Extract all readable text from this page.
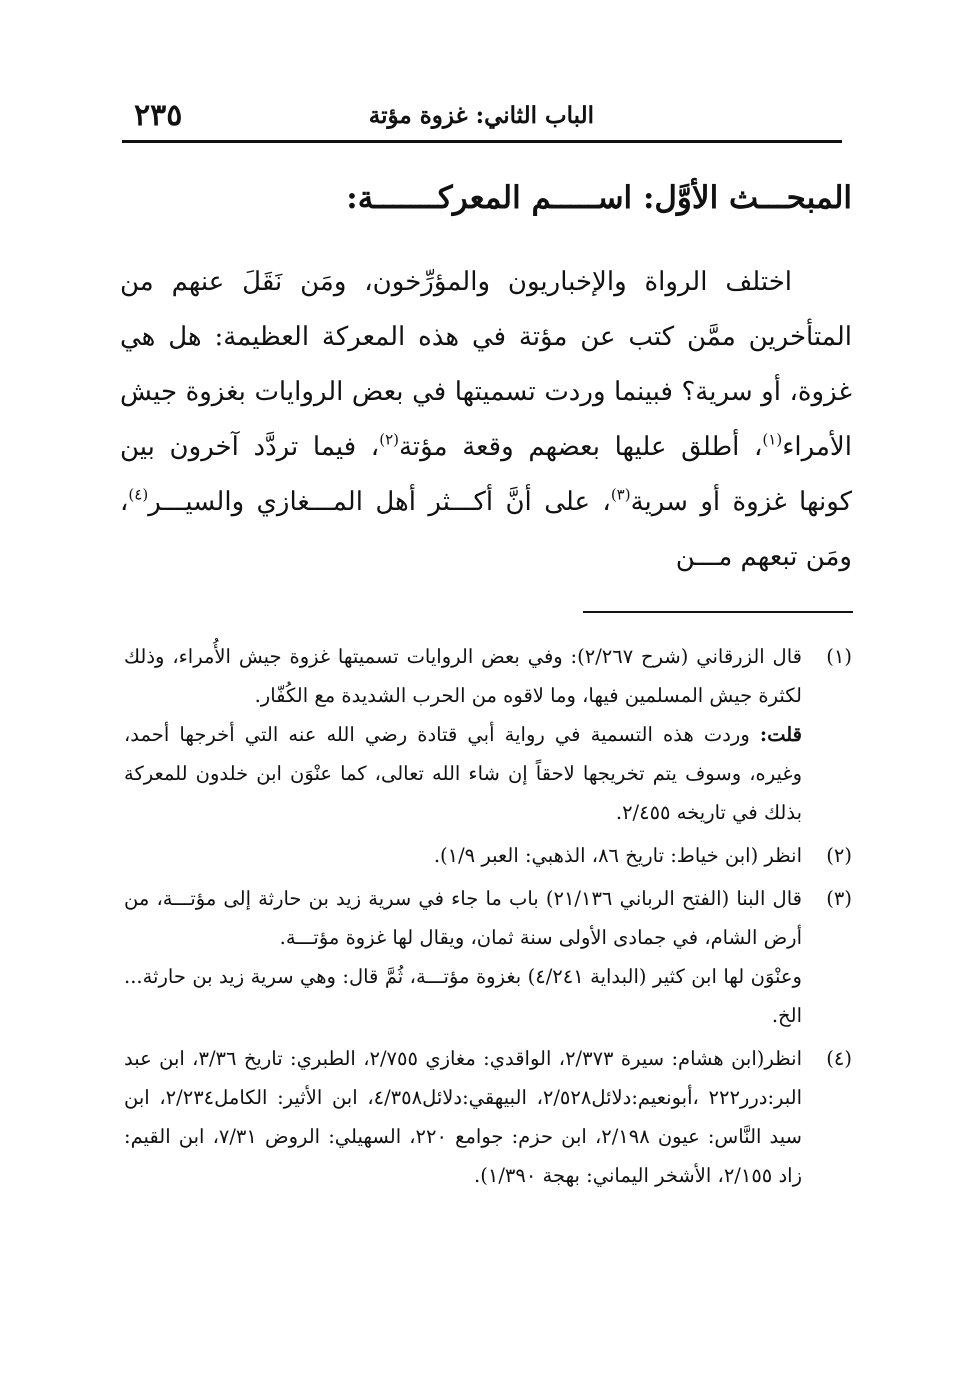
الباب الثاني: غزوة مؤتة
٢٣٥
المبحـــث الأوَّل: اســـــم المعركـــــــة:

اختلف الرواة والإخباريون والمؤرِّخون، ومَن نَقَلَ عنهم من المتأخرين ممَّن كتب عن مؤتة في هذه المعركة العظيمة: هل هي غزوة، أو سرية؟ فبينما وردت تسميتها في بعض الروايات بغزوة جيش الأمراء$^{(١)}$، أطلق عليها بعضهم وقعة مؤتة$^{(٢)}$، فيما تردَّد آخرون بين كونها غزوة أو سرية$^{(٣)}$، على أنَّ أكـــثر أهل المـــغازي والسيـــر$^{(٤)}$، ومَن تبعهم مـــن

(١)
قال الزرقاني (شرح ٢/٢٦٧): وفي بعض الروايات تسميتها غزوة جيش الأُمراء، وذلك لكثرة جيش المسلمين فيها، وما لاقوه من الحرب الشديدة مع الكُفّار.
قلت: وردت هذه التسمية في رواية أبي قتادة رضي الله عنه التي أخرجها أحمد، وغيره، وسوف يتم تخريجها لاحقاً إن شاء الله تعالى، كما عنْوَن ابن خلدون للمعركة بذلك في تاريخه ٢/٤٥٥.
(٢)
انظر (ابن خياط: تاريخ ٨٦، الذهبي: العبر ١/٩).
(٣)
قال البنا (الفتح الرباني ٢١/١٣٦) باب ما جاء في سرية زيد بن حارثة إلى مؤتـــة، من أرض الشام، في جمادى الأولى سنة ثمان، ويقال لها غزوة مؤتـــة.
وعنْوَن لها ابن كثير (البداية ٤/٢٤١) بغزوة مؤتـــة، ثُمَّ قال: وهي سرية زيد بن حارثة... الخ.
(٤)
انظر(ابن هشام: سيرة ٢/٣٧٣، الواقدي: مغازي ٢/٧٥٥، الطبري: تاريخ ٣/٣٦، ابن عبد البر:درر٢٢٢ ،أبونعيم:دلائل٢/٥٢٨، البيهقي:دلائل٤/٣٥٨، ابن الأثير: الكامل٢/٢٣٤، ابن سيد النَّاس: عيون ٢/١٩٨، ابن حزم: جوامع ٢٢٠، السهيلي: الروض ٧/٣١، ابن القيم: زاد ٢/١٥٥، الأشخر اليماني: بهجة ١/٣٩٠).
